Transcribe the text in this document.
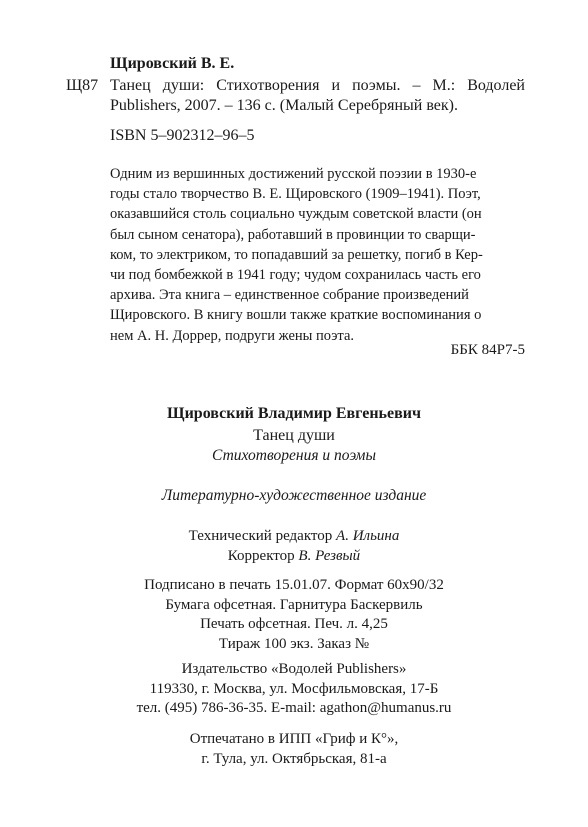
Щировский В. Е.
Щ87 Танец души: Стихотворения и поэмы. – М.: Водолей Publishers, 2007. – 136 с. (Малый Серебряный век).
ISBN 5–902312–96–5
Одним из вершинных достижений русской поэзии в 1930-е
годы стало творчество В. Е. Щировского (1909–1941). Поэт,
оказавшийся столь социально чуждым советской власти (он
был сыном сенатора), работавший в провинции то сварщи-
ком, то электриком, то попадавший за решетку, погиб в Кер-
чи под бомбежкой в 1941 году; чудом сохранилась часть его
архива. Эта книга – единственное собрание произведений
Щировского. В книгу вошли также краткие воспоминания о
нем А. Н. Доррер, подруги жены поэта.
ББК 84Р7-5
Щировский Владимир Евгеньевич
Танец души
Стихотворения и поэмы
Литературно-художественное издание
Технический редактор А. Ильина
Корректор В. Резвый
Подписано в печать 15.01.07. Формат 60х90/32
Бумага офсетная. Гарнитура Баскервиль
Печать офсетная. Печ. л. 4,25
Тираж 100 экз. Заказ №
Издательство «Водолей Publishers»
119330, г. Москва, ул. Мосфильмовская, 17-Б
тел. (495) 786-36-35. E-mail: agathon@humanus.ru
Отпечатано в ИПП «Гриф и К°»,
г. Тула, ул. Октябрьская, 81-а
